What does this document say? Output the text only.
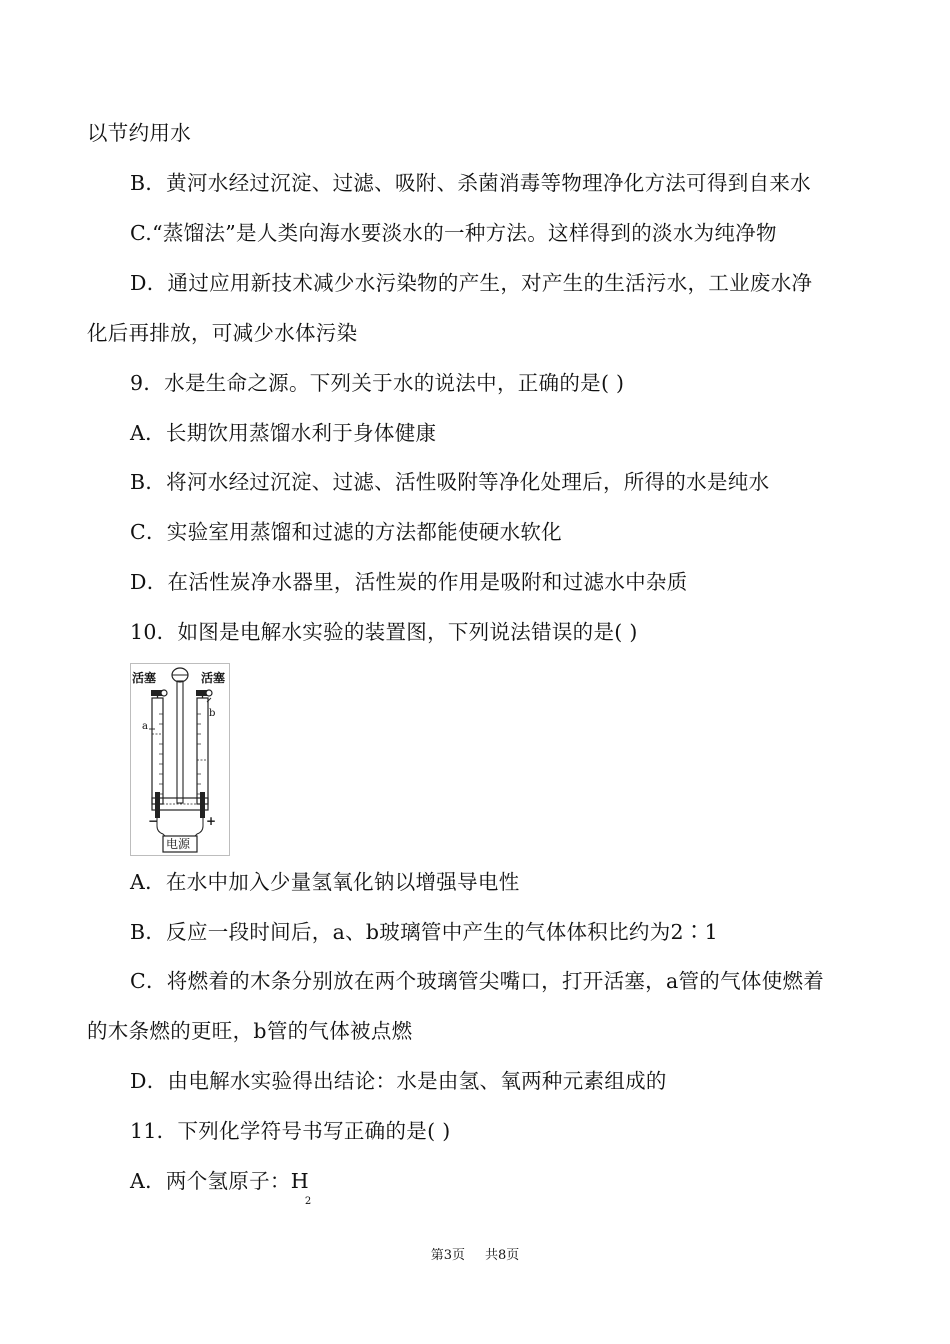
以节约用水
B．黄河水经过沉淀、过滤、吸附、杀菌消毒等物理净化方法可得到自来水
C.“蒸馏法”是人类向海水要淡水的一种方法。这样得到的淡水为纯净物
D．通过应用新技术减少水污染物的产生，对产生的生活污水，工业废水净
化后再排放，可减少水体污染
9．水是生命之源。下列关于水的说法中，正确的是( )
A．长期饮用蒸馏水利于身体健康
B．将河水经过沉淀、过滤、活性吸附等净化处理后，所得的水是纯水
C．实验室用蒸馏和过滤的方法都能使硬水软化
D．在活性炭净水器里，活性炭的作用是吸附和过滤水中杂质
10．如图是电解水实验的装置图，下列说法错误的是( )
A．在水中加入少量氢氧化钠以增强导电性
B．反应一段时间后，a、b玻璃管中产生的气体体积比约为2∶1
C．将燃着的木条分别放在两个玻璃管尖嘴口，打开活塞，a管的气体使燃着
的木条燃的更旺，b管的气体被点燃
D．由电解水实验得出结论：水是由氢、氧两种元素组成的
11．下列化学符号书写正确的是( )
A．两个氢原子：$H_2$
活塞	活塞
a
b
−	+
电源
第3页 共8页
